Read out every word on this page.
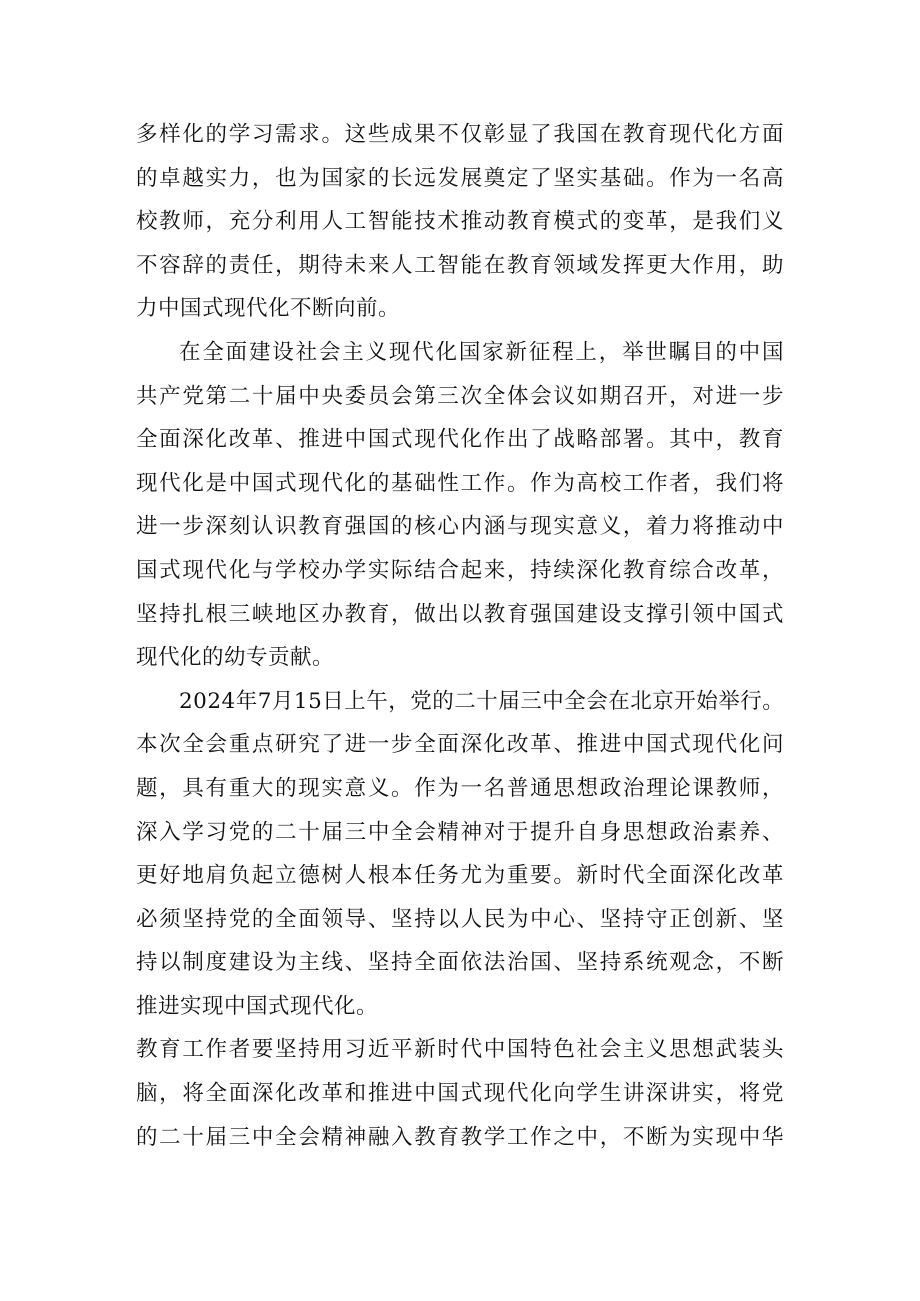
多样化的学习需求。这些成果不仅彰显了我国在教育现代化方面
的卓越实力，也为国家的长远发展奠定了坚实基础。作为一名高
校教师，充分利用人工智能技术推动教育模式的变革，是我们义
不容辞的责任，期待未来人工智能在教育领域发挥更大作用，助
力中国式现代化不断向前。
在全面建设社会主义现代化国家新征程上，举世瞩目的中国
共产党第二十届中央委员会第三次全体会议如期召开，对进一步
全面深化改革、推进中国式现代化作出了战略部署。其中，教育
现代化是中国式现代化的基础性工作。作为高校工作者，我们将
进一步深刻认识教育强国的核心内涵与现实意义，着力将推动中
国式现代化与学校办学实际结合起来，持续深化教育综合改革，
坚持扎根三峡地区办教育，做出以教育强国建设支撑引领中国式
现代化的幼专贡献。
2024年7月15日上午，党的二十届三中全会在北京开始举行。
本次全会重点研究了进一步全面深化改革、推进中国式现代化问
题，具有重大的现实意义。作为一名普通思想政治理论课教师，
深入学习党的二十届三中全会精神对于提升自身思想政治素养、
更好地肩负起立德树人根本任务尤为重要。新时代全面深化改革
必须坚持党的全面领导、坚持以人民为中心、坚持守正创新、坚
持以制度建设为主线、坚持全面依法治国、坚持系统观念，不断
推进实现中国式现代化。
教育工作者要坚持用习近平新时代中国特色社会主义思想武装头
脑，将全面深化改革和推进中国式现代化向学生讲深讲实，将党
的二十届三中全会精神融入教育教学工作之中，不断为实现中华
